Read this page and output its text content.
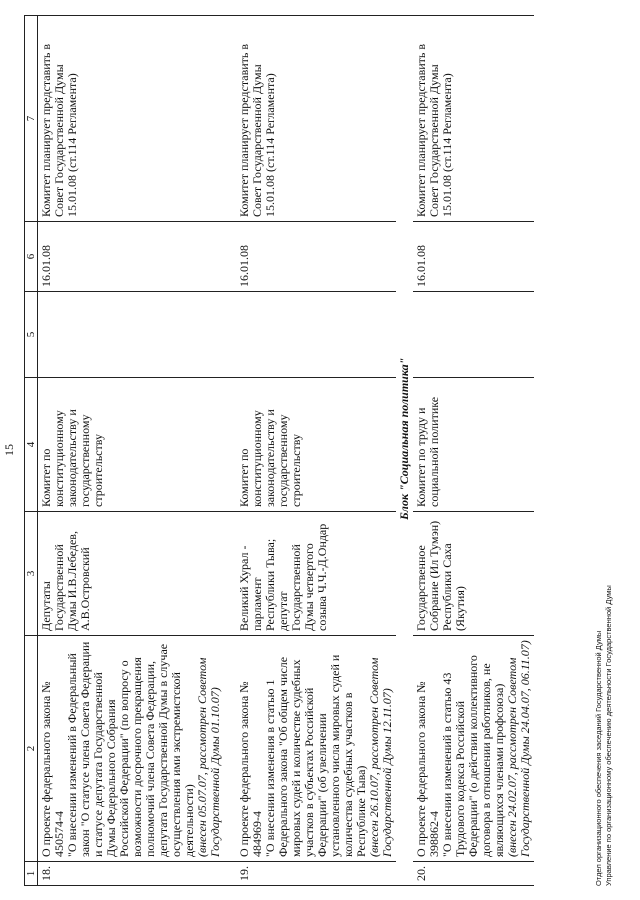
15
1	2	3	4	5	6	7
18.	О проекте федерального закона № 450574-4 "О внесении изменений в Федеральный закон "О статусе члена Совета Федерации и статусе депутата Государственной Думы Федерального Собрания Российской Федерации" (по вопросу о возможности досрочного прекращения полномочий члена Совета Федерации, депутата Государственной Думы в случае осуществления ими экстремистской деятельности) (внесен 05.07.07, рассмотрен Советом Государственной Думы 01.10.07)	Депутаты Государственной Думы И.В.Лебедев, А.В.Островский	Комитет по конституционному законодательству и государственному строительству		16.01.08	Комитет планирует представить в Совет Государственной Думы 15.01.08 (ст.114 Регламента)
19.	О проекте федерального закона № 484969-4 "О внесении изменения в статью 1 Федерального закона "Об общем числе мировых судей и количестве судебных участков в субъектах Российской Федерации" (об увеличении установленного числа мировых судей и количества судебных участков в Республике Тыва) (внесен 26.10.07, рассмотрен Советом Государственной Думы 12.11.07)	Великий Хурал - парламент Республики Тыва; депутат Государственной Думы четвертого созыва Ч.Ч.-Д.Ондар	Комитет по конституционному законодательству и государственному строительству		16.01.08	Комитет планирует представить в Совет Государственной Думы 15.01.08 (ст.114 Регламента)
	Блок "Социальная политика"					
20.	О проекте федерального закона № 398862-4 "О внесении изменений в статью 43 Трудового кодекса Российской Федерации" (о действии коллективного договора в отношении работников, не являющихся членами профсоюза) (внесен 24.02.07, рассмотрен Советом Государственной Думы 24.04.07, 06.11.07)	Государственное Собрание (Ил Тумэн) Республики Саха (Якутия)	Комитет по труду и социальной политике		16.01.08	Комитет планирует представить в Совет Государственной Думы 15.01.08 (ст.114 Регламента)
Отдел организационного обеспечения заседаний Государственной Думы Управление по организационному обеспечению деятельности Государственной Думы
